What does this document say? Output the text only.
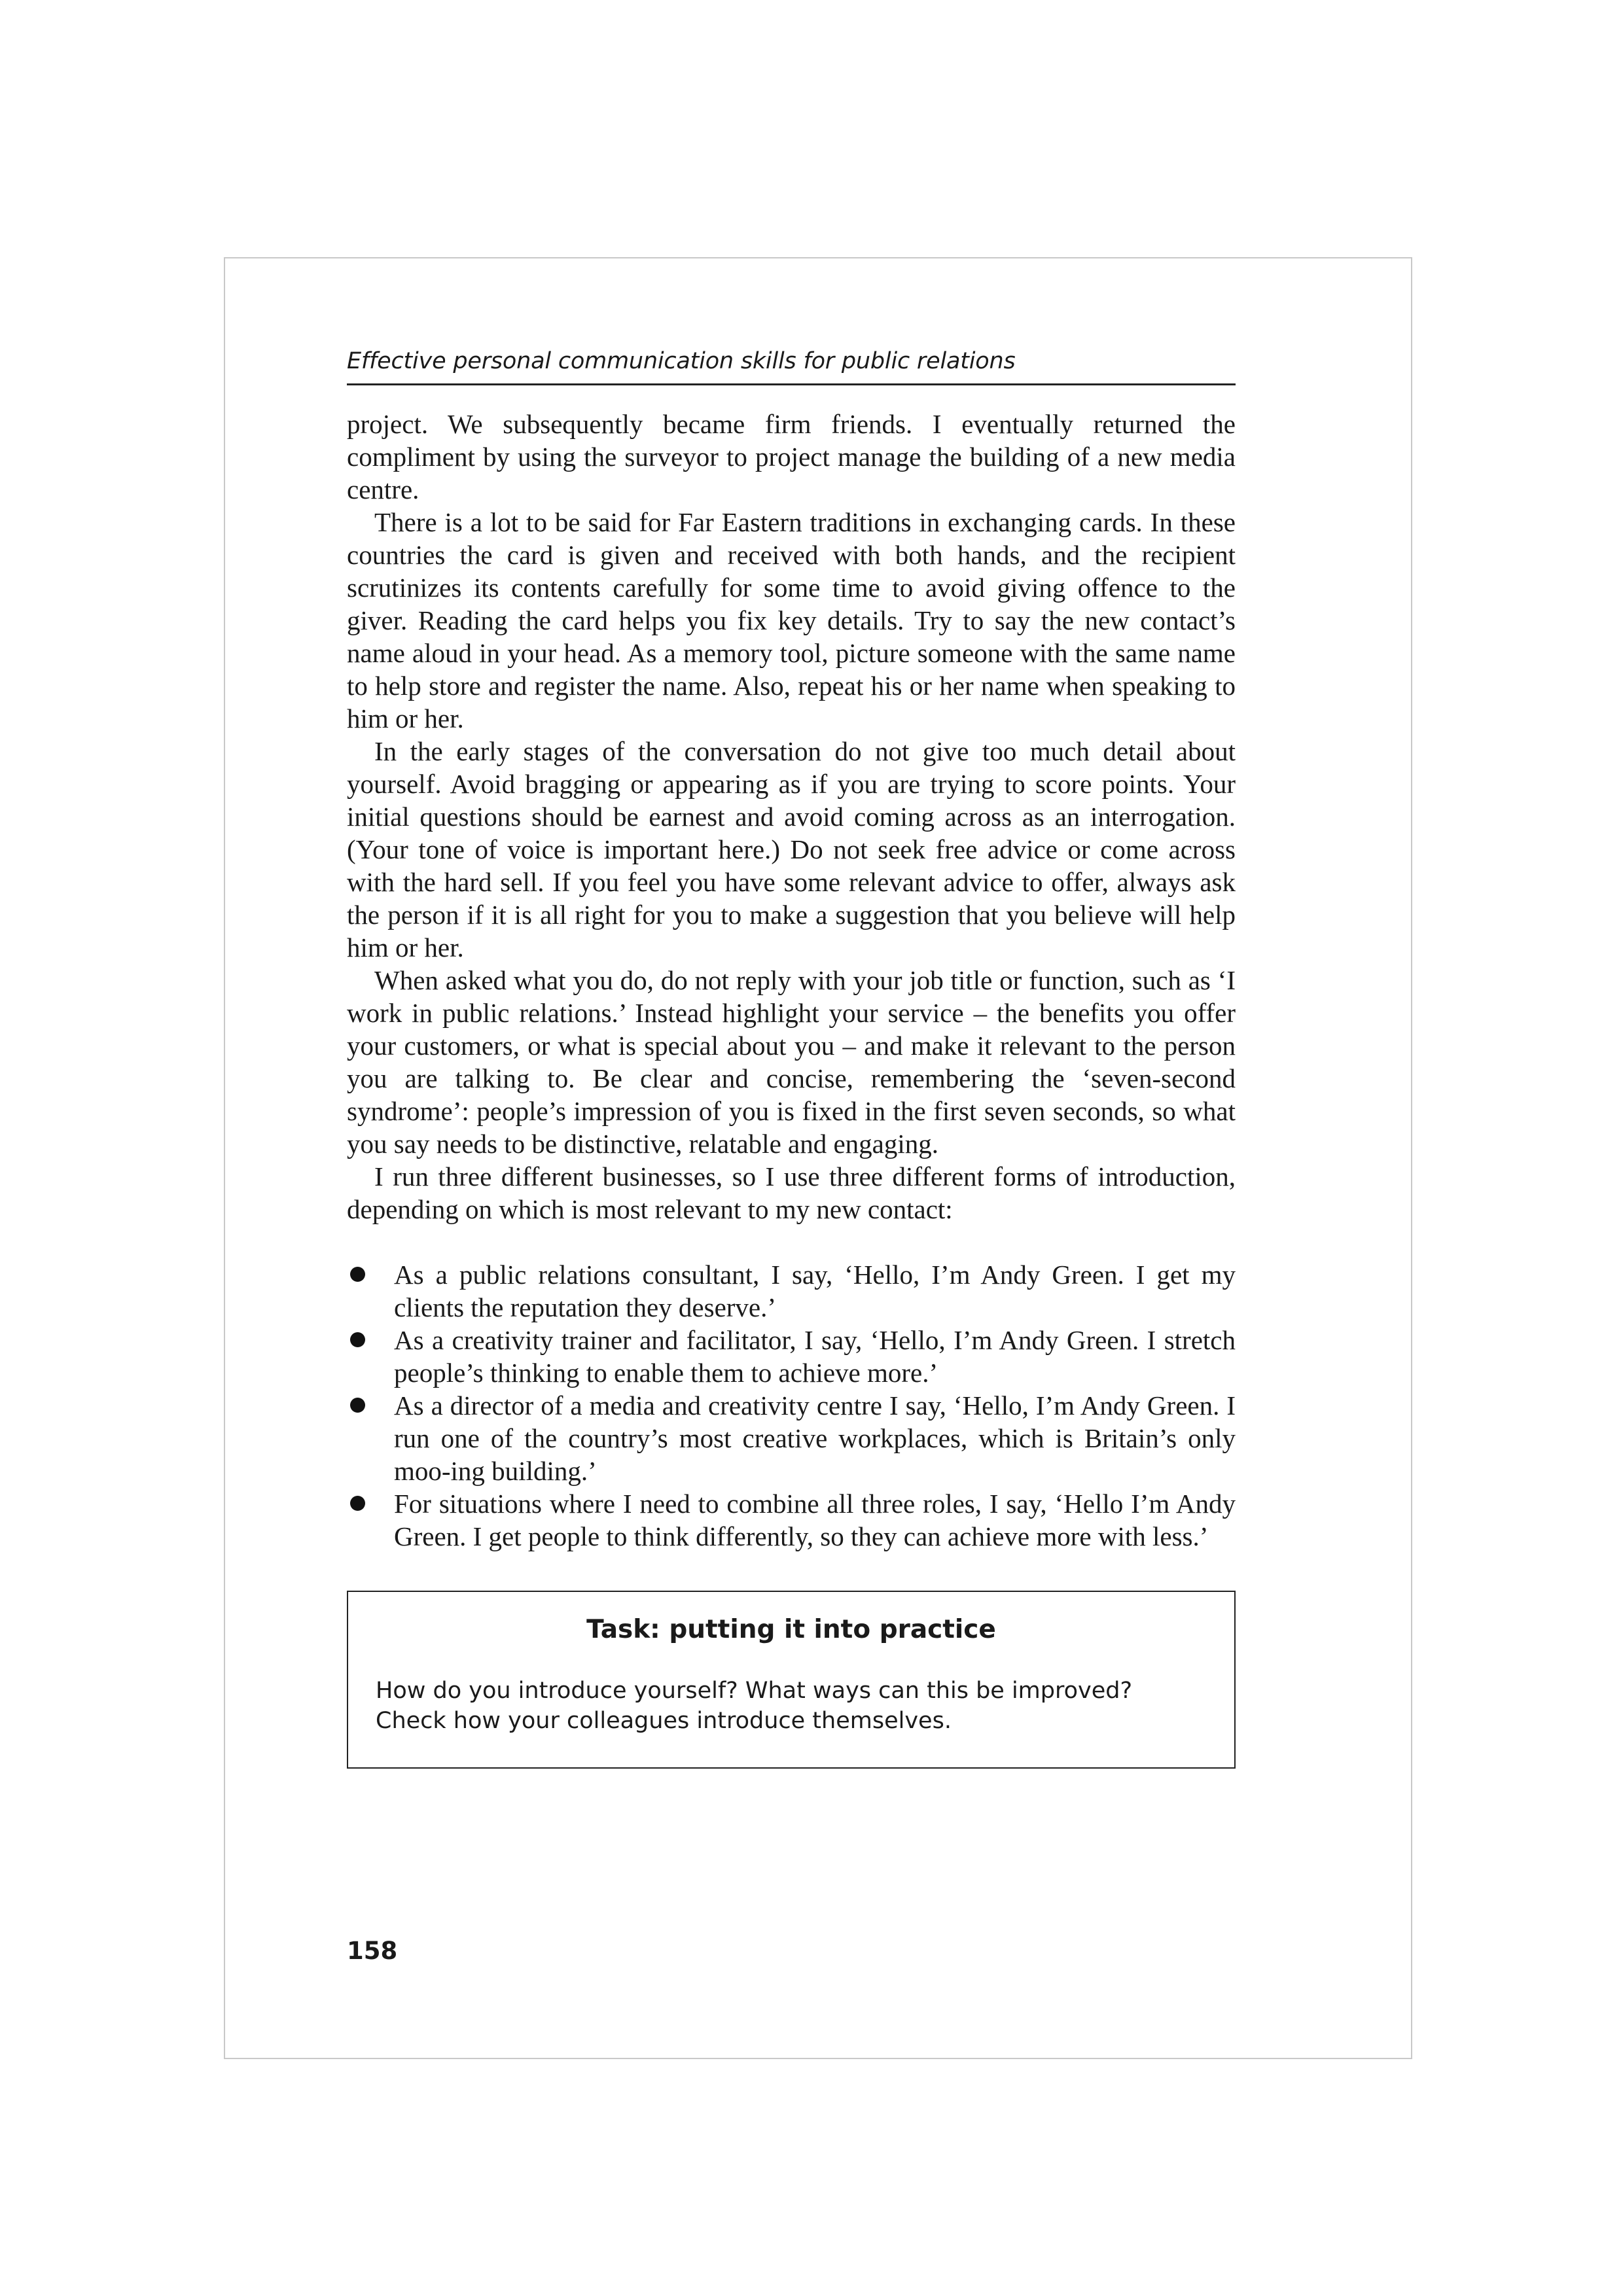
Effective personal communication skills for public relations

project. We subsequently became firm friends. I eventually returned the compliment by using the surveyor to project manage the building of a new media centre.

There is a lot to be said for Far Eastern traditions in exchanging cards. In these countries the card is given and received with both hands, and the recipient scrutinizes its contents carefully for some time to avoid giving offence to the giver. Reading the card helps you fix key details. Try to say the new contact’s name aloud in your head. As a memory tool, picture someone with the same name to help store and register the name. Also, repeat his or her name when speaking to him or her.

In the early stages of the conversation do not give too much detail about yourself. Avoid bragging or appearing as if you are trying to score points. Your initial questions should be earnest and avoid coming across as an interrogation. (Your tone of voice is important here.) Do not seek free advice or come across with the hard sell. If you feel you have some relevant advice to offer, always ask the person if it is all right for you to make a suggestion that you believe will help him or her.

When asked what you do, do not reply with your job title or function, such as ‘I work in public relations.’ Instead highlight your service – the benefits you offer your customers, or what is special about you – and make it relevant to the person you are talking to. Be clear and concise, remembering the ‘seven-second syndrome’: people’s impression of you is fixed in the first seven seconds, so what you say needs to be distinctive, relatable and engaging.

I run three different businesses, so I use three different forms of introduction, depending on which is most relevant to my new contact:

As a public relations consultant, I say, ‘Hello, I’m Andy Green. I get my clients the reputation they deserve.’
As a creativity trainer and facilitator, I say, ‘Hello, I’m Andy Green. I stretch people’s thinking to enable them to achieve more.’
As a director of a media and creativity centre I say, ‘Hello, I’m Andy Green. I run one of the country’s most creative workplaces, which is Britain’s only moo-ing building.’
For situations where I need to combine all three roles, I say, ‘Hello I’m Andy Green. I get people to think differently, so they can achieve more with less.’

Task: putting it into practice

How do you introduce yourself? What ways can this be improved? Check how your colleagues introduce themselves.

158
